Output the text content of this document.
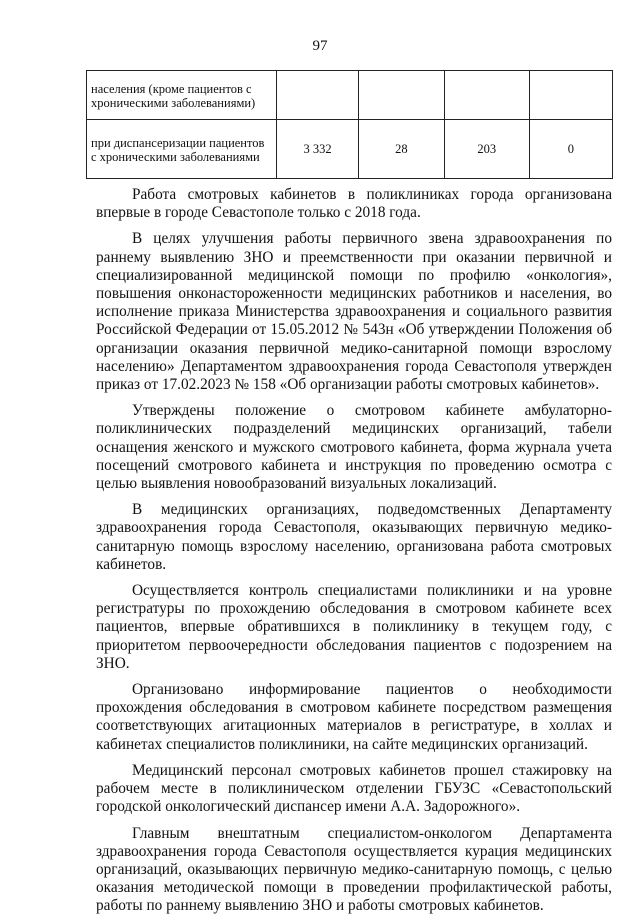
97
населения (кроме пациентов с хроническими заболеваниями)				
при диспансеризации пациентов с хроническими заболеваниями	3 332	28	203	0

Работа смотровых кабинетов в поликлиниках города организована впервые в городе Севастополе только с 2018 года.

В целях улучшения работы первичного звена здравоохранения по раннему выявлению ЗНО и преемственности при оказании первичной и специализированной медицинской помощи по профилю «онкология», повышения онконастороженности медицинских работников и населения, во исполнение приказа Министерства здравоохранения и социального развития Российской Федерации от 15.05.2012 № 543н «Об утверждении Положения об организации оказания первичной медико-санитарной помощи взрослому населению» Департаментом здравоохранения города Севастополя утвержден приказ от 17.02.2023 № 158 «Об организации работы смотровых кабинетов».

Утверждены положение о смотровом кабинете амбулаторно-поликлинических подразделений медицинских организаций, табели оснащения женского и мужского смотрового кабинета, форма журнала учета посещений смотрового кабинета и инструкция по проведению осмотра с целью выявления новообразований визуальных локализаций.

В медицинских организациях, подведомственных Департаменту здравоохранения города Севастополя, оказывающих первичную медико-санитарную помощь взрослому населению, организована работа смотровых кабинетов.

Осуществляется контроль специалистами поликлиники и на уровне регистратуры по прохождению обследования в смотровом кабинете всех пациентов, впервые обратившихся в поликлинику в текущем году, с приоритетом первоочередности обследования пациентов с подозрением на ЗНО.

Организовано информирование пациентов о необходимости прохождения обследования в смотровом кабинете посредством размещения соответствующих агитационных материалов в регистратуре, в холлах и кабинетах специалистов поликлиники, на сайте медицинских организаций.

Медицинский персонал смотровых кабинетов прошел стажировку на рабочем месте в поликлиническом отделении ГБУЗС «Севастопольский городской онкологический диспансер имени А.А. Задорожного».

Главным внештатным специалистом-онкологом Департамента здравоохранения города Севастополя осуществляется курация медицинских организаций, оказывающих первичную медико-санитарную помощь, с целью оказания методической помощи в проведении профилактической работы, работы по раннему выявлению ЗНО и работы смотровых кабинетов.
